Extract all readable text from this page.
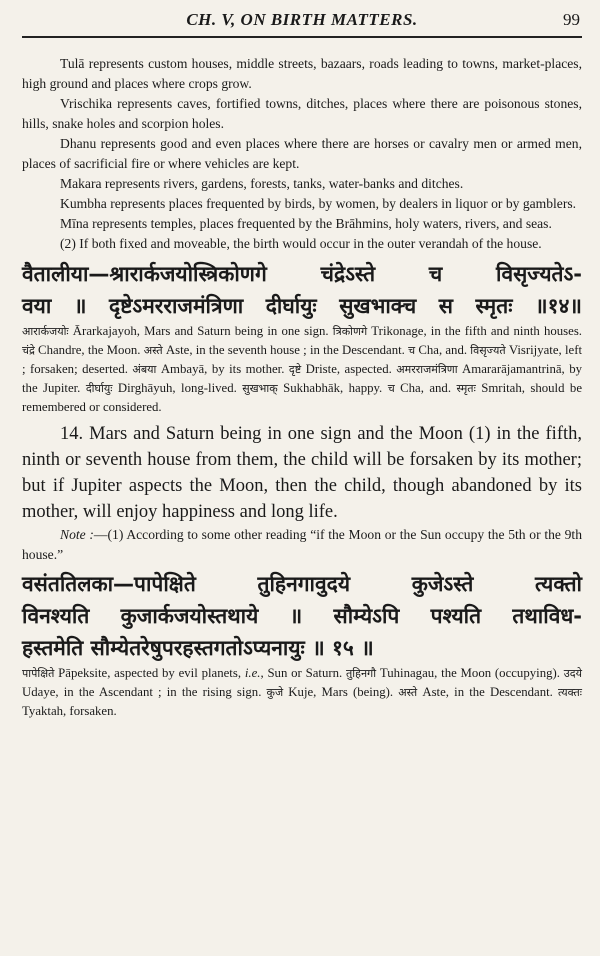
CH. V, ON BIRTH MATTERS.	99

Tulā represents custom houses, middle streets, bazaars, roads leading to towns, market-places, high ground and places where crops grow.

Vrischika represents caves, fortified towns, ditches, places where there are poisonous stones, hills, snake holes and scorpion holes.

Dhanu represents good and even places where there are horses or cavalry men or armed men, places of sacrificial fire or where vehicles are kept.

Makara represents rivers, gardens, forests, tanks, water-banks and ditches.

Kumbha represents places frequented by birds, by women, by dealers in liquor or by gamblers.

Mīna represents temples, places frequented by the Brāhmins, holy waters, rivers, and seas.

(2) If both fixed and moveable, the birth would occur in the outer verandah of the house.

वैतालीया—श्रारार्कजयोस्त्रिकोणगे चंद्रेऽस्ते च विसृज्यतेऽ-

वया ॥ दृष्टेऽमरराजमंत्रिणा दीर्घायुः सुखभाक्च स स्मृतः ॥१४॥

आरार्कजयोः Ārarkajayoh, Mars and Saturn being in one sign. त्रिकोणगे Trikonage, in the fifth and ninth houses. चंद्रे Chandre, the Moon. अस्ते Aste, in the seventh house ; in the Descendant. च Cha, and. विसृज्यते Visrijyate, left ; forsaken; deserted. अंबया Ambayā, by its mother. दृष्टे Driste, aspected. अमरराजमंत्रिणा Amararājamantrinā, by the Jupiter. दीर्घायुः Dirghāyuh, long-lived. सुखभाक् Sukhabhāk, happy. च Cha, and. स्मृतः Smritah, should be remembered or considered.

14. Mars and Saturn being in one sign and the Moon (1) in the fifth, ninth or seventh house from them, the child will be forsaken by its mother; but if Jupiter aspects the Moon, then the child, though abandoned by its mother, will enjoy happiness and long life.

Note :—(1) According to some other reading “if the Moon or the Sun occupy the 5th or the 9th house.”

वसंततिलका—पापेक्षिते तुहिनगावुदये कुजेऽस्ते त्यक्तो

विनश्यति कुजार्कजयोस्तथाये ॥ सौम्येऽपि पश्यति तथाविध-

हस्तमेति सौम्येतरेषुपरहस्तगतोऽप्यनायुः ॥ १५ ॥

पापेक्षिते Pāpeksite, aspected by evil planets, i.e., Sun or Saturn. तुहिनगौ Tuhinagau, the Moon (occupying). उदये Udaye, in the Ascendant ; in the rising sign. कुजे Kuje, Mars (being). अस्ते Aste, in the Descendant. त्यक्तः Tyaktah, forsaken.
